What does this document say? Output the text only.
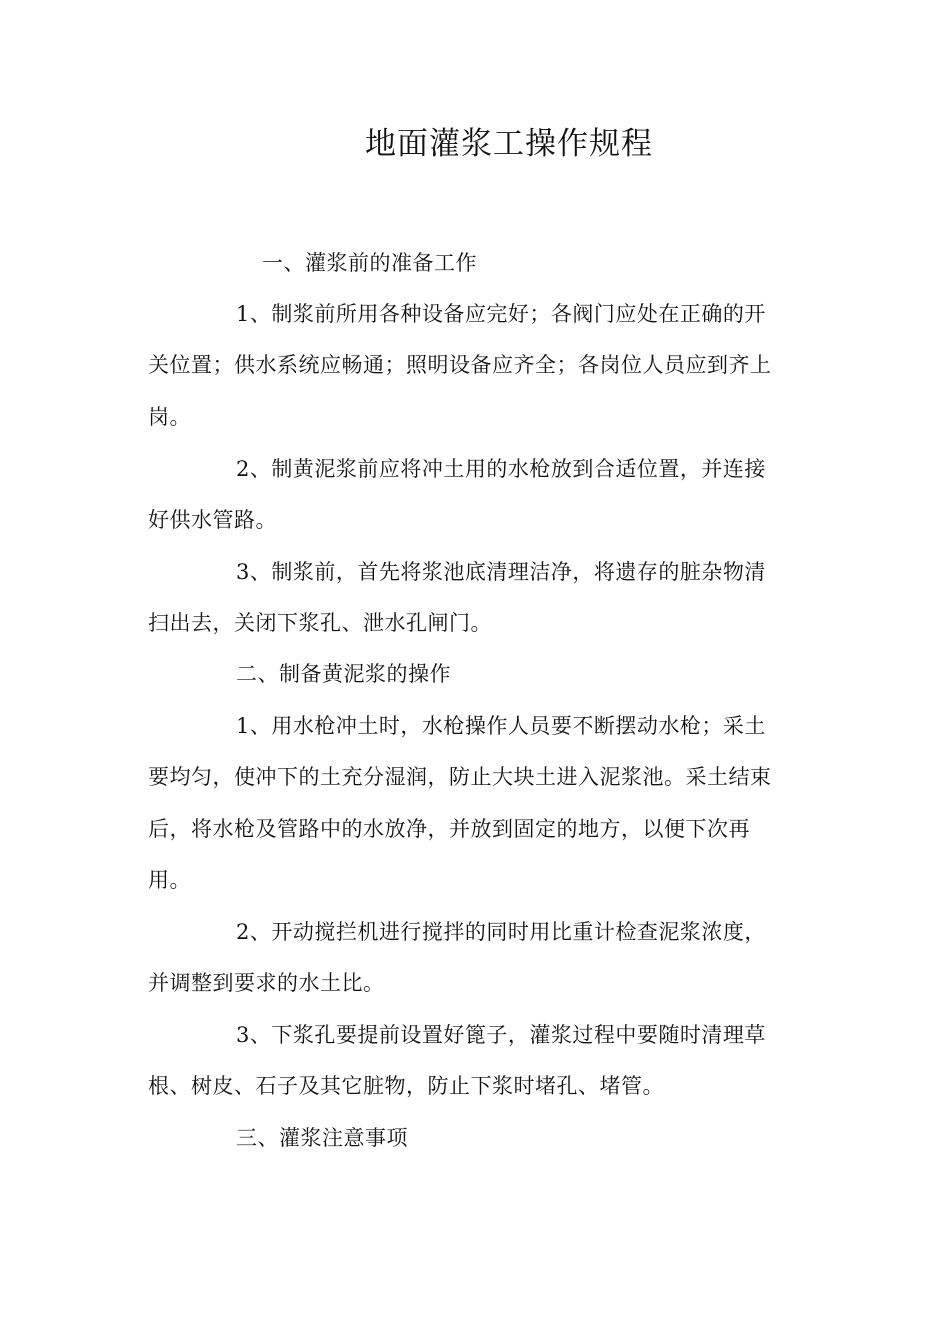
地面灌浆工操作规程
一、灌浆前的准备工作
1、制浆前所用各种设备应完好；各阀门应处在正确的开
关位置；供水系统应畅通；照明设备应齐全；各岗位人员应到齐上
岗。
2、制黄泥浆前应将冲土用的水枪放到合适位置，并连接
好供水管路。
3、制浆前，首先将浆池底清理洁净，将遗存的脏杂物清
扫出去，关闭下浆孔、泄水孔闸门。
二、制备黄泥浆的操作
1、用水枪冲土时，水枪操作人员要不断摆动水枪；采土
要均匀，使冲下的土充分湿润，防止大块土进入泥浆池。采土结束
后，将水枪及管路中的水放净，并放到固定的地方，以便下次再
用。
2、开动搅拦机进行搅拌的同时用比重计检查泥浆浓度，
并调整到要求的水土比。
3、下浆孔要提前设置好篦子，灌浆过程中要随时清理草
根、树皮、石子及其它脏物，防止下浆时堵孔、堵管。
三、灌浆注意事项
